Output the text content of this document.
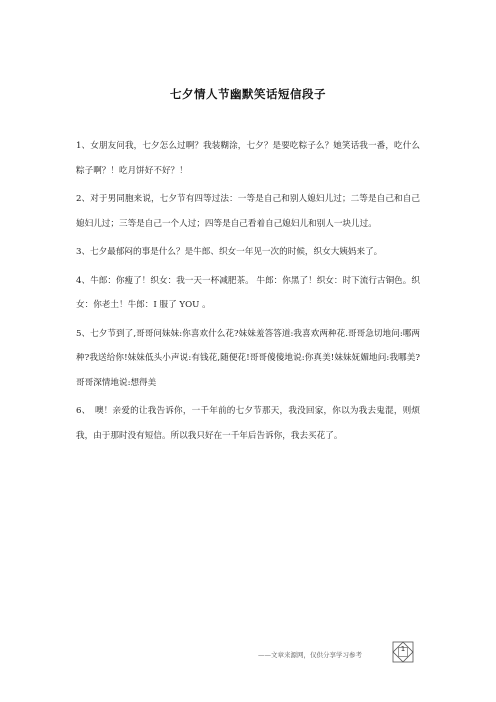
七夕情人节幽默笑话短信段子

1、女朋友问我，七夕怎么过啊？我装糊涂，七夕？是要吃粽子么？她笑话我一番，吃什么粽子啊？！吃月饼好不好？！

2、对于男同胞来说，七夕节有四等过法：一等是自己和别人媳妇儿过；二等是自己和自己媳妇儿过；三等是自己一个人过；四等是自己看着自己媳妇儿和别人一块儿过。

3、七夕最郁闷的事是什么？是牛郎、织女一年见一次的时候，织女大姨妈来了。

4、牛郎：你瘦了！织女：我一天一杯减肥茶。 牛郎：你黑了！织女：时下流行古铜色。织女：你老土！牛郎：I 服了 YOU 。

5、七夕节到了,哥哥问妹妹:你喜欢什么花?妹妹羞答答道:我喜欢两种花.哥哥急切地问:哪两种?我送给你!妹妹低头小声说:有钱花,随便花!哥哥傻傻地说:你真美!妹妹妩媚地问:我哪美?哥哥深情地说:想得美

6、　噢！亲爱的让我告诉你，一千年前的七夕节那天，我没回家，你以为我去鬼混，则烦我，由于那时没有短信。所以我只好在一千年后告诉你，我去买花了。

——文章来源网，仅供分享学习参考
1
